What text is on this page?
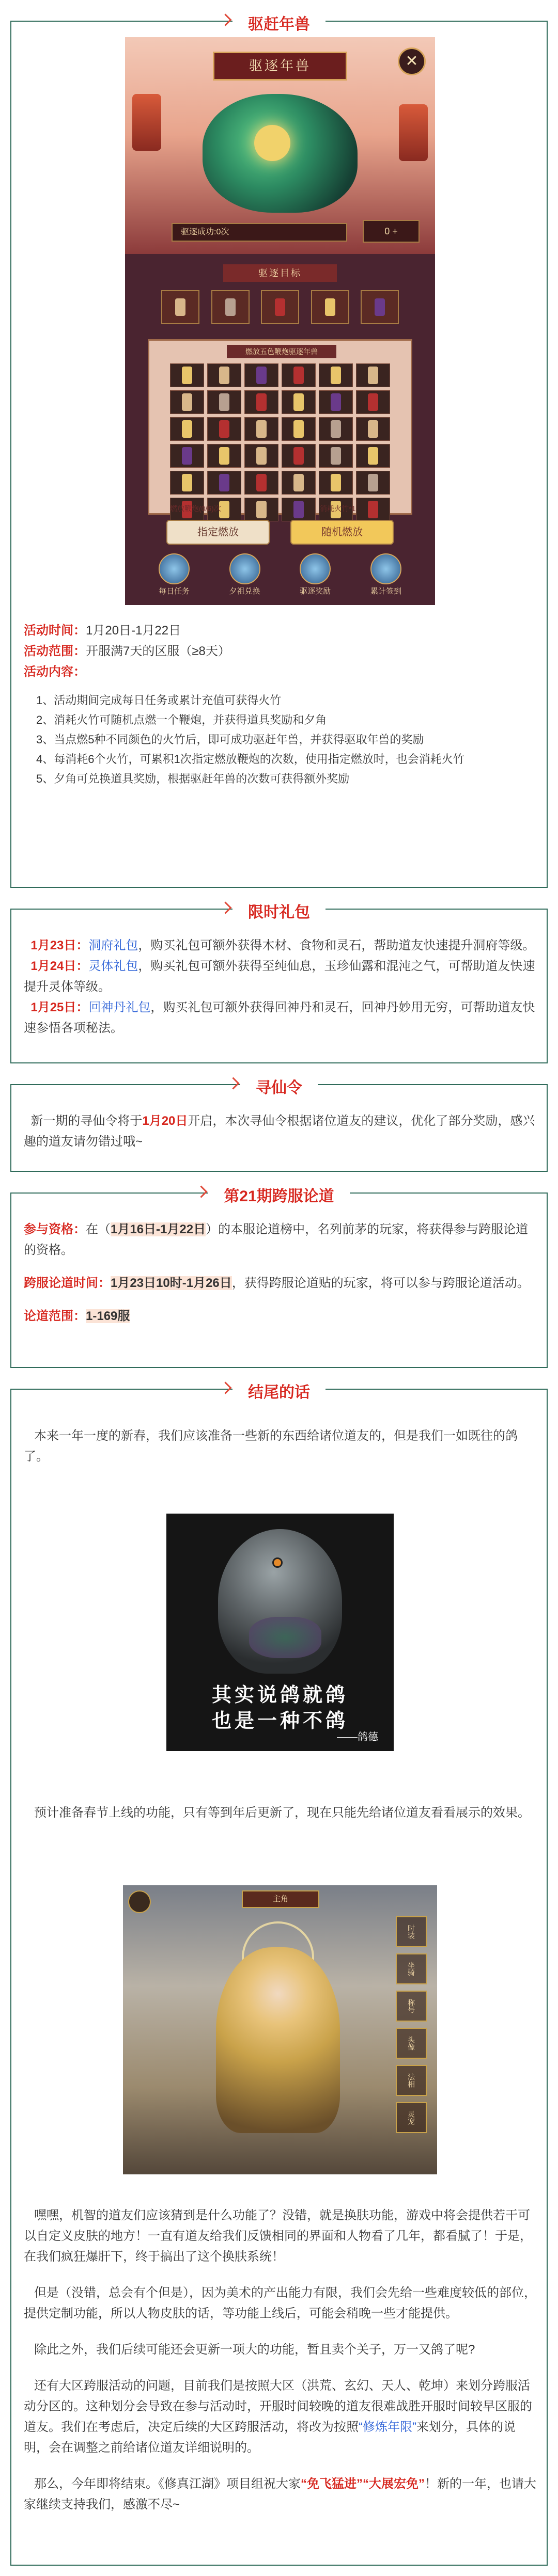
驱赶年兽
驱逐年兽	✕
驱逐成功:0次	0 +
驱逐目标
燃放五色鞭炮驱逐年兽
燃放鞭炮(0/6)次	消耗火竹*1
指定燃放	随机燃放
每日任务	夕祖兑换	驱逐奖励	累计签到
活动时间：1月20日-1月22日
活动范围：开服满7天的区服（≥8天）
活动内容：
1、活动期间完成每日任务或累计充值可获得火竹
2、消耗火竹可随机点燃一个鞭炮，并获得道具奖励和夕角
3、当点燃5种不同颜色的火竹后，即可成功驱赶年兽，并获得驱取年兽的奖励
4、每消耗6个火竹，可累积1次指定燃放鞭炮的次数，使用指定燃放时，也会消耗火竹
5、夕角可兑换道具奖励，根据驱赶年兽的次数可获得额外奖励
限时礼包

1月23日：洞府礼包，购买礼包可额外获得木材、食物和灵石，帮助道友快速提升洞府等级。

1月24日：灵体礼包，购买礼包可额外获得至纯仙息，玉珍仙露和混沌之气，可帮助道友快速提升灵体等级。

1月25日：回神丹礼包，购买礼包可额外获得回神丹和灵石，回神丹妙用无穷，可帮助道友快速参悟各项秘法。

寻仙令

新一期的寻仙令将于1月20日开启，本次寻仙令根据诸位道友的建议，优化了部分奖励，感兴趣的道友请勿错过哦~

第21期跨服论道

参与资格：在（1月16日-1月22日）的本服论道榜中，名列前茅的玩家，将获得参与跨服论道的资格。

跨服论道时间：1月23日10时-1月26日，获得跨服论道贴的玩家，将可以参与跨服论道活动。

论道范围：1-169服

结尾的话

本来一年一度的新春，我们应该准备一些新的东西给诸位道友的，但是我们一如既往的鸽了。

其实说鸽就鸽
也是一种不鸽
——鸽德

预计准备春节上线的功能，只有等到年后更新了，现在只能先给诸位道友看看展示的效果。

主角
时装
坐骑
称号
头像
法相
灵宠

嘿嘿，机智的道友们应该猜到是什么功能了？没错，就是换肤功能，游戏中将会提供若干可以自定义皮肤的地方！一直有道友给我们反馈相同的界面和人物看了几年，都看腻了！于是，在我们疯狂爆肝下，终于搞出了这个换肤系统！

但是（没错，总会有个但是），因为美术的产出能力有限，我们会先给一些难度较低的部位，提供定制功能，所以人物皮肤的话，等功能上线后，可能会稍晚一些才能提供。

除此之外，我们后续可能还会更新一项大的功能，暂且卖个关子，万一又鸽了呢?

还有大区跨服活动的问题，目前我们是按照大区（洪荒、玄幻、天人、乾坤）来划分跨服活动分区的。这种划分会导致在参与活动时，开服时间较晚的道友很难战胜开服时间较早区服的道友。我们在考虑后，决定后续的大区跨服活动，将改为按照“修炼年限”来划分，具体的说明，会在调整之前给诸位道友详细说明的。

那么，今年即将结束。《修真江湖》项目组祝大家“免飞猛进”“大展宏免”！新的一年，也请大家继续支持我们，感激不尽~
